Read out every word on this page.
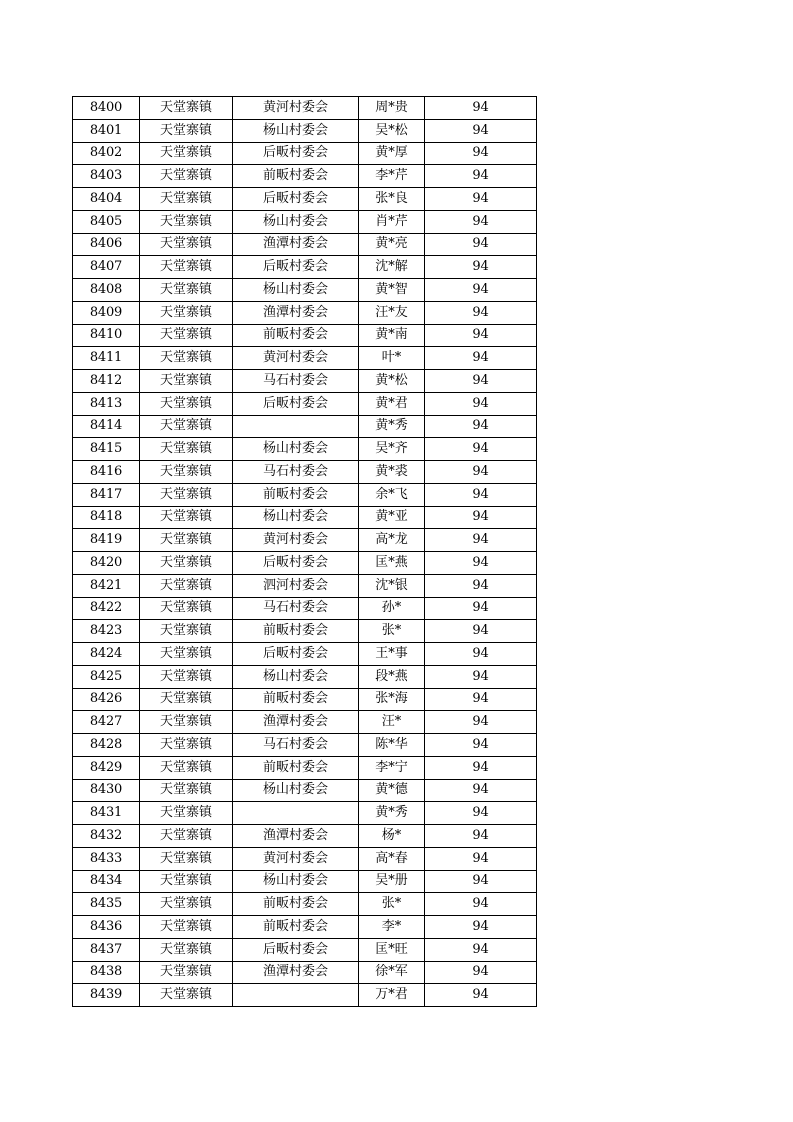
8400	天堂寨镇	黄河村委会	周*贵	94
8401	天堂寨镇	杨山村委会	吴*松	94
8402	天堂寨镇	后畈村委会	黄*厚	94
8403	天堂寨镇	前畈村委会	李*芹	94
8404	天堂寨镇	后畈村委会	张*良	94
8405	天堂寨镇	杨山村委会	肖*芹	94
8406	天堂寨镇	渔潭村委会	黄*亮	94
8407	天堂寨镇	后畈村委会	沈*解	94
8408	天堂寨镇	杨山村委会	黄*智	94
8409	天堂寨镇	渔潭村委会	汪*友	94
8410	天堂寨镇	前畈村委会	黄*南	94
8411	天堂寨镇	黄河村委会	叶*	94
8412	天堂寨镇	马石村委会	黄*松	94
8413	天堂寨镇	后畈村委会	黄*君	94
8414	天堂寨镇		黄*秀	94
8415	天堂寨镇	杨山村委会	吴*齐	94
8416	天堂寨镇	马石村委会	黄*裘	94
8417	天堂寨镇	前畈村委会	余*飞	94
8418	天堂寨镇	杨山村委会	黄*亚	94
8419	天堂寨镇	黄河村委会	高*龙	94
8420	天堂寨镇	后畈村委会	匡*燕	94
8421	天堂寨镇	泗河村委会	沈*银	94
8422	天堂寨镇	马石村委会	孙*	94
8423	天堂寨镇	前畈村委会	张*	94
8424	天堂寨镇	后畈村委会	王*事	94
8425	天堂寨镇	杨山村委会	段*燕	94
8426	天堂寨镇	前畈村委会	张*海	94
8427	天堂寨镇	渔潭村委会	汪*	94
8428	天堂寨镇	马石村委会	陈*华	94
8429	天堂寨镇	前畈村委会	李*宁	94
8430	天堂寨镇	杨山村委会	黄*德	94
8431	天堂寨镇		黄*秀	94
8432	天堂寨镇	渔潭村委会	杨*	94
8433	天堂寨镇	黄河村委会	高*春	94
8434	天堂寨镇	杨山村委会	吴*册	94
8435	天堂寨镇	前畈村委会	张*	94
8436	天堂寨镇	前畈村委会	李*	94
8437	天堂寨镇	后畈村委会	匡*旺	94
8438	天堂寨镇	渔潭村委会	徐*军	94
8439	天堂寨镇		万*君	94
